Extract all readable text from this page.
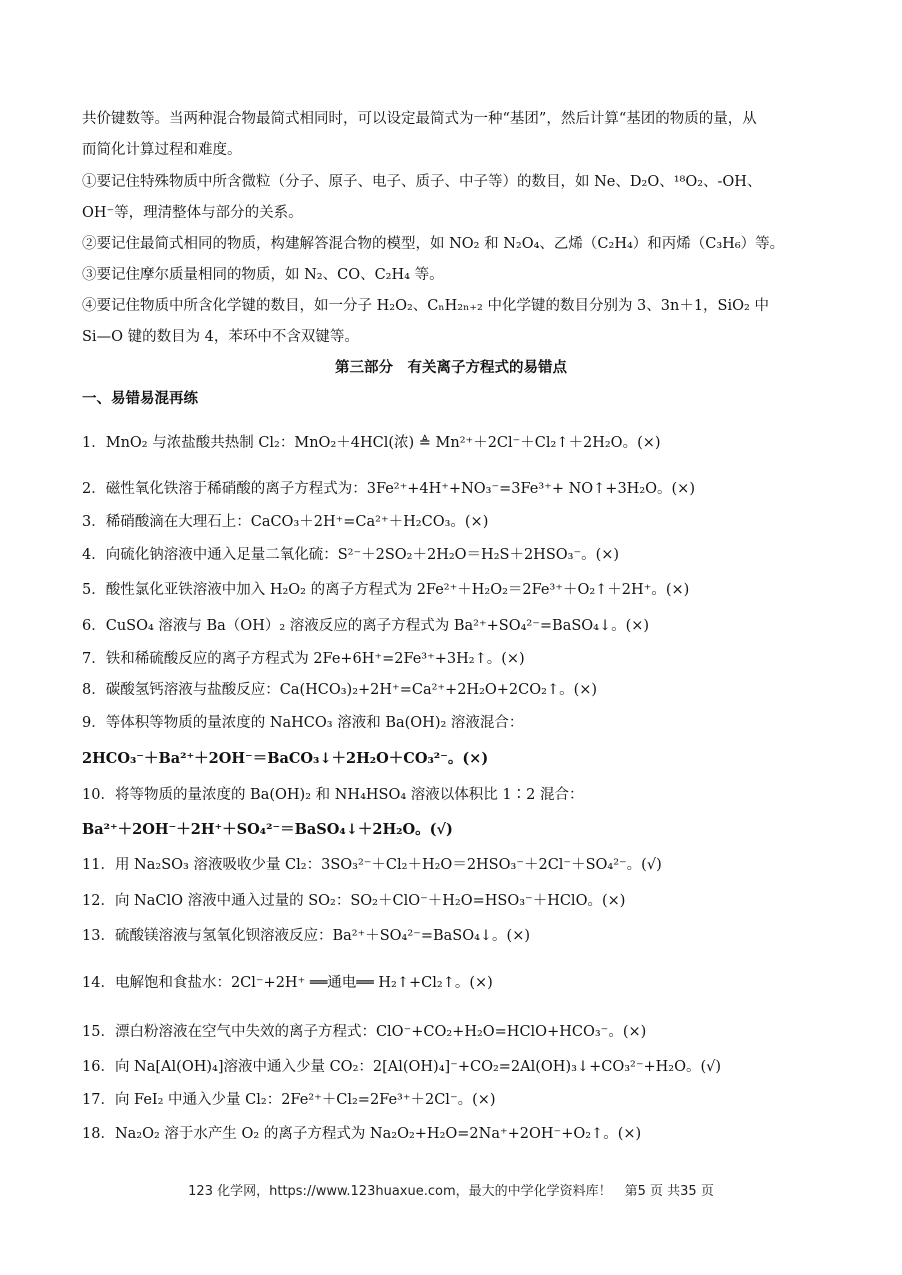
共价键数等。当两种混合物最简式相同时，可以设定最简式为一种“基团”，然后计算“基团的物质的量，从
而简化计算过程和难度。
①要记住特殊物质中所含微粒（分子、原子、电子、质子、中子等）的数目，如 Ne、D₂O、¹⁸O₂、-OH、
OH⁻等，理清整体与部分的关系。
②要记住最简式相同的物质，构建解答混合物的模型，如 NO₂ 和 N₂O₄、乙烯（C₂H₄）和丙烯（C₃H₆）等。
③要记住摩尔质量相同的物质，如 N₂、CO、C₂H₄ 等。
④要记住物质中所含化学键的数目，如一分子 H₂O₂、CₙH₂ₙ₊₂ 中化学键的数目分别为 3、3n＋1，SiO₂ 中
Si—O 键的数目为 4，苯环中不含双键等。
第三部分　有关离子方程式的易错点
一、易错易混再练
1．MnO₂ 与浓盐酸共热制 Cl₂：MnO₂＋4HCl(浓) ≜ Mn²⁺＋2Cl⁻＋Cl₂↑＋2H₂O。(×)
2．磁性氧化铁溶于稀硝酸的离子方程式为：3Fe²⁺+4H⁺+NO₃⁻=3Fe³⁺+ NO↑+3H₂O。(×)
3．稀硝酸滴在大理石上：CaCO₃＋2H⁺=Ca²⁺＋H₂CO₃。(×)
4．向硫化钠溶液中通入足量二氧化硫：S²⁻＋2SO₂＋2H₂O＝H₂S＋2HSO₃⁻。(×)
5．酸性氯化亚铁溶液中加入 H₂O₂ 的离子方程式为 2Fe²⁺＋H₂O₂＝2Fe³⁺＋O₂↑＋2H⁺。(×)
6．CuSO₄ 溶液与 Ba（OH）₂ 溶液反应的离子方程式为 Ba²⁺+SO₄²⁻=BaSO₄↓。(×)
7．铁和稀硫酸反应的离子方程式为 2Fe+6H⁺=2Fe³⁺+3H₂↑。(×)
8．碳酸氢钙溶液与盐酸反应：Ca(HCO₃)₂+2H⁺=Ca²⁺+2H₂O+2CO₂↑。(×)
9．等体积等物质的量浓度的 NaHCO₃ 溶液和 Ba(OH)₂ 溶液混合：
2HCO₃⁻＋Ba²⁺＋2OH⁻＝BaCO₃↓＋2H₂O＋CO₃²⁻。(×)
10．将等物质的量浓度的 Ba(OH)₂ 和 NH₄HSO₄ 溶液以体积比 1∶2 混合：
Ba²⁺＋2OH⁻＋2H⁺＋SO₄²⁻＝BaSO₄↓＋2H₂O。(√)
11．用 Na₂SO₃ 溶液吸收少量 Cl₂：3SO₃²⁻＋Cl₂＋H₂O＝2HSO₃⁻＋2Cl⁻＋SO₄²⁻。(√)
12．向 NaClO 溶液中通入过量的 SO₂：SO₂＋ClO⁻＋H₂O=HSO₃⁻＋HClO。(×)
13．硫酸镁溶液与氢氧化钡溶液反应：Ba²⁺＋SO₄²⁻=BaSO₄↓。(×)
14．电解饱和食盐水：2Cl⁻+2H⁺ ══通电══ H₂↑+Cl₂↑。(×)
15．漂白粉溶液在空气中失效的离子方程式：ClO⁻+CO₂+H₂O=HClO+HCO₃⁻。(×)
16．向 Na[Al(OH)₄]溶液中通入少量 CO₂：2[Al(OH)₄]⁻+CO₂=2Al(OH)₃↓+CO₃²⁻+H₂O。(√)
17．向 FeI₂ 中通入少量 Cl₂：2Fe²⁺＋Cl₂=2Fe³⁺＋2Cl⁻。(×)
18．Na₂O₂ 溶于水产生 O₂ 的离子方程式为 Na₂O₂+H₂O=2Na⁺+2OH⁻+O₂↑。(×)
123 化学网，https://www.123huaxue.com，最大的中学化学资料库！　第5 页 共35 页
